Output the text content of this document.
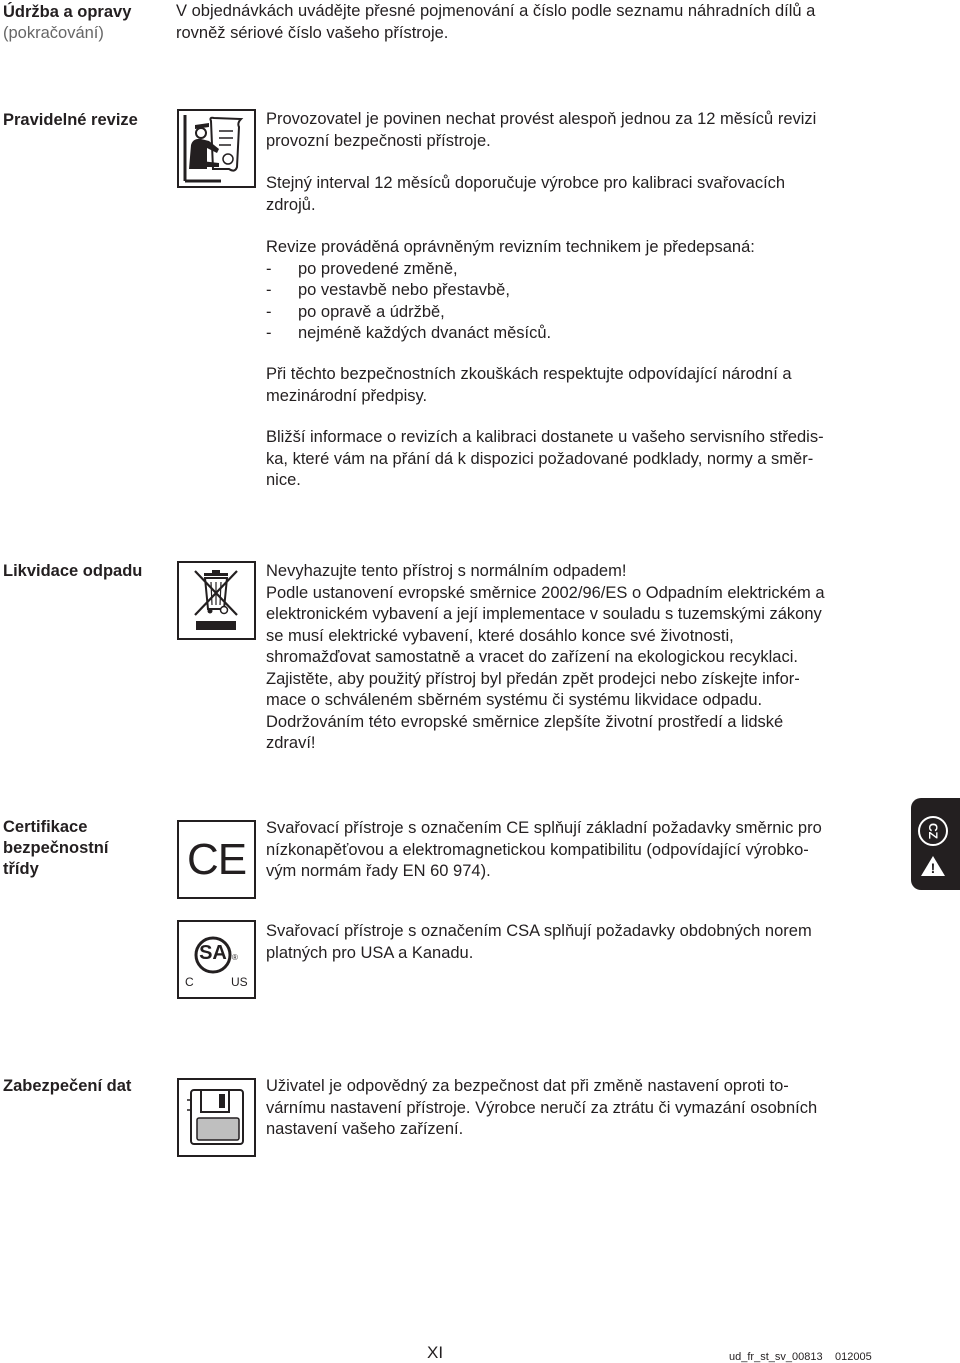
Údržba a opravy
(pokračování)
V objednávkách uvádějte přesné pojmenování a číslo podle seznamu náhradních dílů a
rovněž sériové číslo vašeho přístroje.
Pravidelné revize	Provozovatel je povinen nechat provést alespoň jednou za 12 měsíců revizi
provozní bezpečnosti přístroje.
Stejný interval 12 měsíců doporučuje výrobce pro kalibraci svařovacích
zdrojů.
Revize prováděná oprávněným revizním technikem je předepsaná:
- po provedené změně,
- po vestavbě nebo přestavbě,
- po opravě a údržbě,
- nejméně každých dvanáct měsíců.
Při těchto bezpečnostních zkouškách respektujte odpovídající národní a
mezinárodní předpisy.
Bližší informace o revizích a kalibraci dostanete u vašeho servisního středis-
ka, které vám na přání dá k dispozici požadované podklady, normy a směr-
nice.
Likvidace odpadu	Nevyhazujte tento přístroj s normálním odpadem!
Podle ustanovení evropské směrnice 2002/96/ES o Odpadním elektrickém a
elektronickém vybavení a její implementace v souladu s tuzemskými zákony
se musí elektrické vybavení, které dosáhlo konce své životnosti,
shromažďovat samostatně a vracet do zařízení na ekologickou recyklaci.
Zajistěte, aby použitý přístroj byl předán zpět prodejci nebo získejte infor-
mace o schváleném sběrném systému či systému likvidace odpadu.
Dodržováním této evropské směrnice zlepšíte životní prostředí a lidské
zdraví!
Certifikace
bezpečnostní
třídy	CE
Svařovací přístroje s označením CE splňují základní požadavky směrnic pro
nízkonapěťovou a elektromagnetickou kompatibilitu (odpovídající výrobko-
vým normám řady EN 60 974).
SA ®
C	US
Svařovací přístroje s označením CSA splňují požadavky obdobných norem
platných pro USA a Kanadu.
CZ
!
Zabezpečení dat	Uživatel je odpovědný za bezpečnost dat při změně nastavení oproti to-
várnímu nastavení přístroje. Výrobce neručí za ztrátu či vymazání osobních
nastavení vašeho zařízení.
XI	ud_fr_st_sv_00813 012005
